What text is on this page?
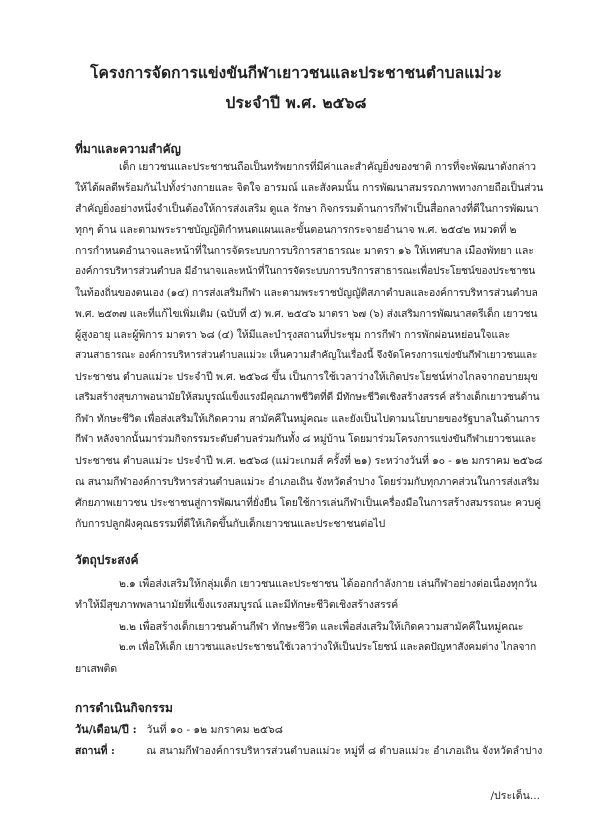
โครงการจัดการแข่งขันกีฬาเยาวชนและประชาชนตำบลแม่วะ
ประจำปี พ.ศ. ๒๕๖๘
ที่มาและความสำคัญ
เด็ก เยาวชนและประชาชนถือเป็นทรัพยากรที่มีค่าและสำคัญยิ่งของชาติ การที่จะพัฒนาดังกล่าว
ให้ได้ผลดีพร้อมกันไปทั้งร่างกายและ จิตใจ อารมณ์ และสังคมนั้น การพัฒนาสมรรถภาพทางกายถือเป็นส่วน
สำคัญยิ่งอย่างหนึ่งจำเป็นต้องให้การส่งเสริม ดูแล รักษา กิจกรรมด้านการกีฬาเป็นสื่อกลางที่ดีในการพัฒนา
ทุกๆ ด้าน และตามพระราชบัญญัติกำหนดแผนและขั้นตอนการกระจายอำนาจ พ.ศ. ๒๕๔๒ หมวดที่ ๒
การกำหนดอำนาจและหน้าที่ในการจัดระบบการบริการสาธารณะ มาตรา ๑๖ ให้เทศบาล เมืองพัทยา และ
องค์การบริหารส่วนตำบล มีอำนาจและหน้าที่ในการจัดระบบการบริการสาธารณะเพื่อประโยชน์ของประชาชน
ในท้องถิ่นของตนเอง (๑๔) การส่งเสริมกีฬา และตามพระราชบัญญัติสภาตำบลและองค์การบริหารส่วนตำบล
พ.ศ. ๒๕๓๗ และที่แก้ไขเพิ่มเติม (ฉบับที่ ๕) พ.ศ. ๒๕๔๖ มาตรา ๖๗ (๖) ส่งเสริมการพัฒนาสตรีเด็ก เยาวชน
ผู้สูงอายุ และผู้พิการ มาตรา ๖๘ (๔) ให้มีและบำรุงสถานที่ประชุม การกีฬา การพักผ่อนหย่อนใจและ
สวนสาธารณะ องค์การบริหารส่วนตำบลแม่วะ เห็นความสำคัญในเรื่องนี้ จึงจัดโครงการแข่งขันกีฬาเยาวชนและ
ประชาชน ตำบลแม่วะ ประจำปี พ.ศ. ๒๕๖๘ ขึ้น เป็นการใช้เวลาว่างให้เกิดประโยชน์ห่างไกลจากอบายมุข
เสริมสร้างสุขภาพอนามัยให้สมบูรณ์แข็งแรงมีคุณภาพชีวิตที่ดี มีทักษะชีวิตเชิงสร้างสรรค์ สร้างเด็กเยาวชนด้าน
กีฬา ทักษะชีวิต เพื่อส่งเสริมให้เกิดความ สามัคคีในหมู่คณะ และยังเป็นไปตามนโยบายของรัฐบาลในด้านการ
กีฬา หลังจากนั้นมาร่วมกิจกรรมระดับตำบลร่วมกันทั้ง ๘ หมู่บ้าน โดยมาร่วมโครงการแข่งขันกีฬาเยาวชนและ
ประชาชน ตำบลแม่วะ ประจำปี พ.ศ. ๒๕๖๘ (แม่วะเกมส์ ครั้งที่ ๒๑) ระหว่างวันที่ ๑๐ - ๑๒ มกราคม ๒๕๖๘
ณ สนามกีฬาองค์การบริหารส่วนตำบลแม่วะ อำเภอเถิน จังหวัดลำปาง โดยร่วมกับทุกภาคส่วนในการส่งเสริม
ศักยภาพเยาวชน ประชาชนสู่การพัฒนาที่ยั่งยืน โดยใช้การเล่นกีฬาเป็นเครื่องมือในการสร้างสมรรถนะ ควบคู่
กับการปลูกฝังคุณธรรมที่ดีให้เกิดขึ้นกับเด็กเยาวชนและประชาชนต่อไป
วัตถุประสงค์
๒.๑ เพื่อส่งเสริมให้กลุ่มเด็ก เยาวชนและประชาชน ได้ออกกำลังกาย เล่นกีฬาอย่างต่อเนื่องทุกวัน
ทำให้มีสุขภาพพลานามัยที่แข็งแรงสมบูรณ์ และมีทักษะชีวิตเชิงสร้างสรรค์
๒.๒ เพื่อสร้างเด็กเยาวชนด้านกีฬา ทักษะชีวิต และเพื่อส่งเสริมให้เกิดความสามัคคีในหมู่คณะ
๒.๓ เพื่อให้เด็ก เยาวชนและประชาชนใช้เวลาว่างให้เป็นประโยชน์ และลดปัญหาสังคมต่าง ไกลจาก
ยาเสพติด
การดำเนินกิจกรรม
วัน/เดือน/ปี : วันที่ ๑๐ - ๑๒ มกราคม ๒๕๖๘
สถานที่ :	ณ สนามกีฬาองค์การบริหารส่วนตำบลแม่วะ หมู่ที่ ๘ ตำบลแม่วะ อำเภอเถิน จังหวัดลำปาง
/ประเด็น...
